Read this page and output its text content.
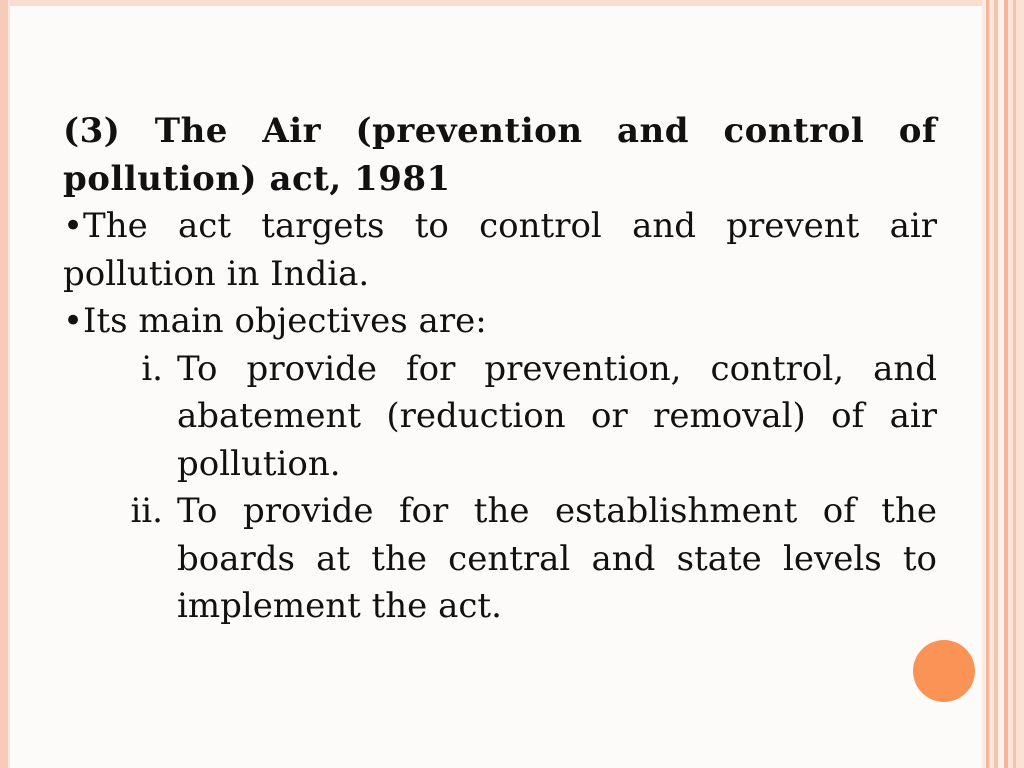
(3) The Air (prevention and control of
pollution) act, 1981
•The act targets to control and prevent air
pollution in India.
•Its main objectives are:
i. To provide for prevention, control, and
abatement (reduction or removal) of air
pollution.
ii. To provide for the establishment of the
boards at the central and state levels to
implement the act.
